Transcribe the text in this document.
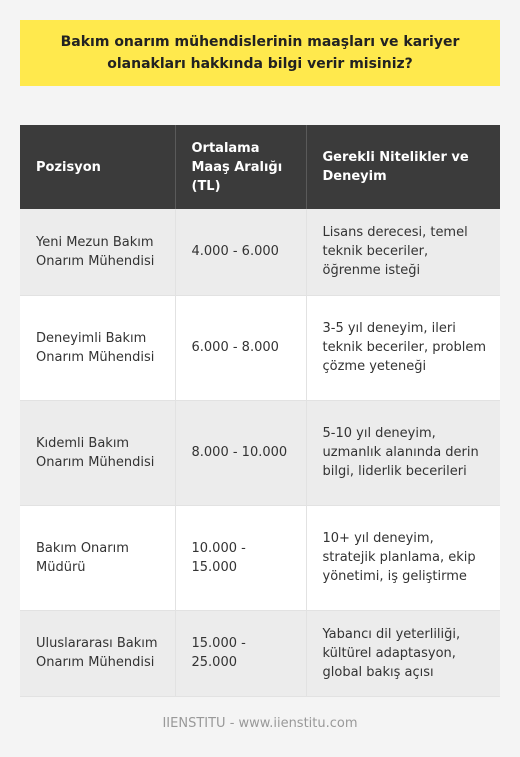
Bakım onarım mühendislerinin maaşları ve kariyer olanakları hakkında bilgi verir misiniz?
Pozisyon	Ortalama Maaş Aralığı (TL)	Gerekli Nitelikler ve Deneyim
Yeni Mezun Bakım Onarım Mühendisi	4.000 - 6.000	Lisans derecesi, temel teknik beceriler, öğrenme isteği
Deneyimli Bakım Onarım Mühendisi	6.000 - 8.000	3-5 yıl deneyim, ileri teknik beceriler, problem çözme yeteneği
Kıdemli Bakım Onarım Mühendisi	8.000 - 10.000	5-10 yıl deneyim, uzmanlık alanında derin bilgi, liderlik becerileri
Bakım Onarım Müdürü	10.000 - 15.000	10+ yıl deneyim, stratejik planlama, ekip yönetimi, iş geliştirme
Uluslararası Bakım Onarım Mühendisi	15.000 - 25.000	Yabancı dil yeterliliği, kültürel adaptasyon, global bakış açısı
IIENSTITU - www.iienstitu.com
